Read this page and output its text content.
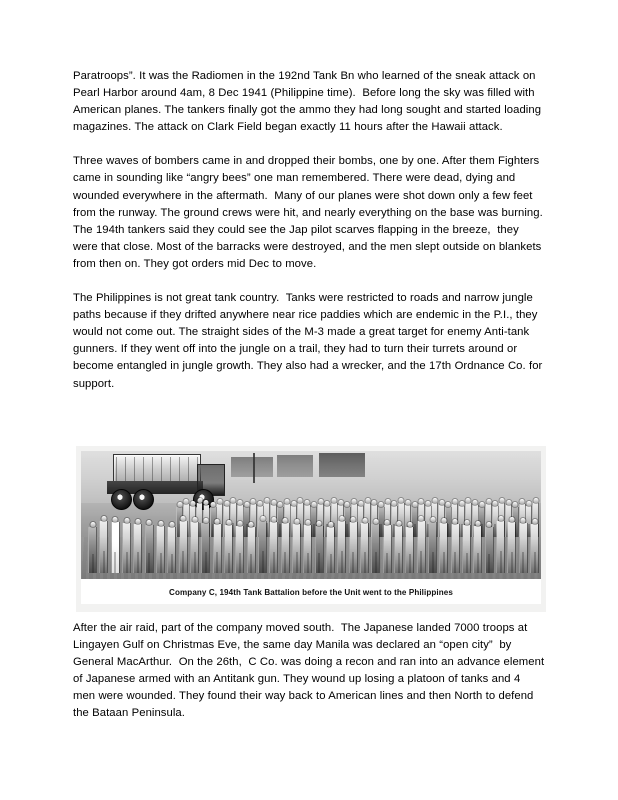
Paratroops”. It was the Radiomen in the 192nd Tank Bn who learned of the sneak attack on Pearl Harbor around 4am, 8 Dec 1941 (Philippine time).  Before long the sky was filled with American planes. The tankers finally got the ammo they had long sought and started loading magazines. The attack on Clark Field began exactly 11 hours after the Hawaii attack.

Three waves of bombers came in and dropped their bombs, one by one. After them Fighters came in sounding like “angry bees” one man remembered. There were dead, dying and wounded everywhere in the aftermath.  Many of our planes were shot down only a few feet from the runway. The ground crews were hit, and nearly everything on the base was burning. The 194th tankers said they could see the Jap pilot scarves flapping in the breeze,  they were that close. Most of the barracks were destroyed, and the men slept outside on blankets from then on. They got orders mid Dec to move.

The Philippines is not great tank country.  Tanks were restricted to roads and narrow jungle paths because if they drifted anywhere near rice paddies which are endemic in the P.I., they would not come out. The straight sides of the M-3 made a great target for enemy Anti-tank gunners. If they went off into the jungle on a trail, they had to turn their turrets around or become entangled in jungle growth. They also had a wrecker, and the 17th Ordnance Co. for support.

Company C, 194th Tank Battalion before the Unit went to the Philippines

After the air raid, part of the company moved south.  The Japanese landed 7000 troops at Lingayen Gulf on Christmas Eve, the same day Manila was declared an “open city”  by General MacArthur.  On the 26th,  C Co. was doing a recon and ran into an advance element of Japanese armed with an Antitank gun. They wound up losing a platoon of tanks and 4 men were wounded. They found their way back to American lines and then North to defend the Bataan Peninsula.
